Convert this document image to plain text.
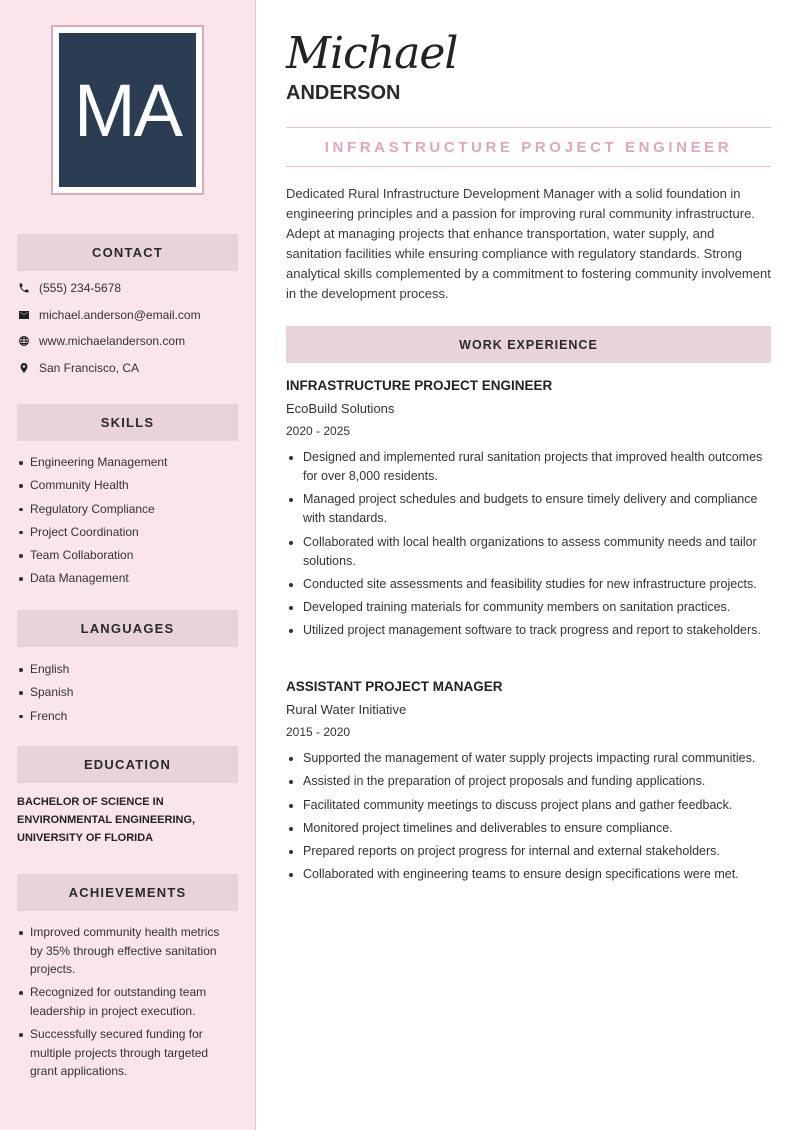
MA
CONTACT
(555) 234-5678
michael.anderson@email.com
www.michaelanderson.com
San Francisco, CA
SKILLS
Engineering Management
Community Health
Regulatory Compliance
Project Coordination
Team Collaboration
Data Management
LANGUAGES
English
Spanish
French
EDUCATION
BACHELOR OF SCIENCE IN ENVIRONMENTAL ENGINEERING, UNIVERSITY OF FLORIDA
ACHIEVEMENTS
Improved community health metrics by 35% through effective sanitation projects.
Recognized for outstanding team leadership in project execution.
Successfully secured funding for multiple projects through targeted grant applications.
Michael
ANDERSON
INFRASTRUCTURE PROJECT ENGINEER
Dedicated Rural Infrastructure Development Manager with a solid foundation in engineering principles and a passion for improving rural community infrastructure. Adept at managing projects that enhance transportation, water supply, and sanitation facilities while ensuring compliance with regulatory standards. Strong analytical skills complemented by a commitment to fostering community involvement in the development process.
WORK EXPERIENCE
INFRASTRUCTURE PROJECT ENGINEER
EcoBuild Solutions
2020 - 2025
Designed and implemented rural sanitation projects that improved health outcomes for over 8,000 residents.
Managed project schedules and budgets to ensure timely delivery and compliance with standards.
Collaborated with local health organizations to assess community needs and tailor solutions.
Conducted site assessments and feasibility studies for new infrastructure projects.
Developed training materials for community members on sanitation practices.
Utilized project management software to track progress and report to stakeholders.
ASSISTANT PROJECT MANAGER
Rural Water Initiative
2015 - 2020
Supported the management of water supply projects impacting rural communities.
Assisted in the preparation of project proposals and funding applications.
Facilitated community meetings to discuss project plans and gather feedback.
Monitored project timelines and deliverables to ensure compliance.
Prepared reports on project progress for internal and external stakeholders.
Collaborated with engineering teams to ensure design specifications were met.
